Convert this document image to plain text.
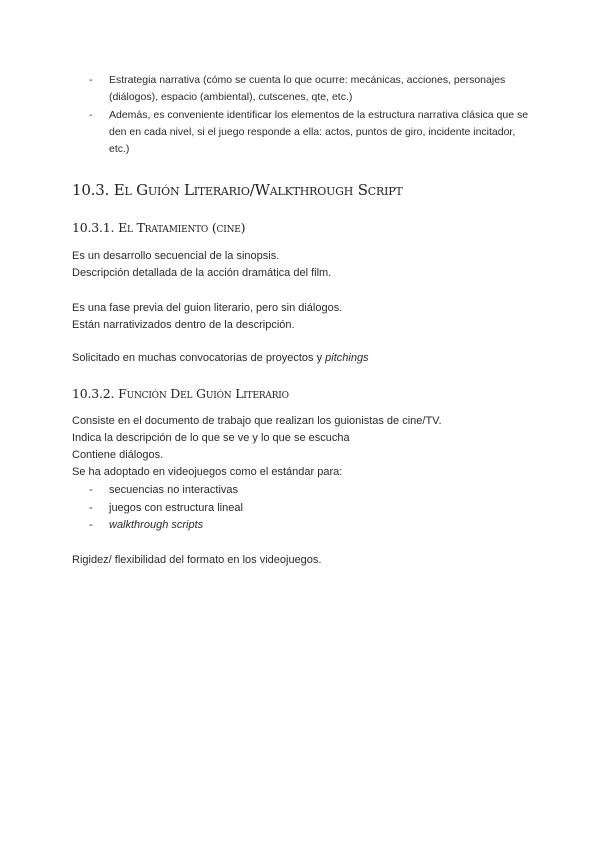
- Estrategia narrativa (cómo se cuenta lo que ocurre: mecánicas, acciones, personajes (diálogos), espacio (ambiental), cutscenes, qte, etc.)
- Además, es conveniente identificar los elementos de la estructura narrativa clásica que se den en cada nivel, si el juego responde a ella: actos, puntos de giro, incidente incitador, etc.)
10.3. El Guión Literario/Walkthrough Script
10.3.1. El Tratamiento (cine)

Es un desarrollo secuencial de la sinopsis.
Descripción detallada de la acción dramática del film.

Es una fase previa del guion literario, pero sin diálogos.
Están narrativizados dentro de la descripción.

Solicitado en muchas convocatorias de proyectos y pitchings

10.3.2. Función Del Guión Literario

Consiste en el documento de trabajo que realizan los guionistas de cine/TV.
Indica la descripción de lo que se ve y lo que se escucha
Contiene diálogos.
Se ha adoptado en videojuegos como el estándar para:

- secuencias no interactivas
- juegos con estructura lineal
- walkthrough scripts

Rigidez/ flexibilidad del formato en los videojuegos.
